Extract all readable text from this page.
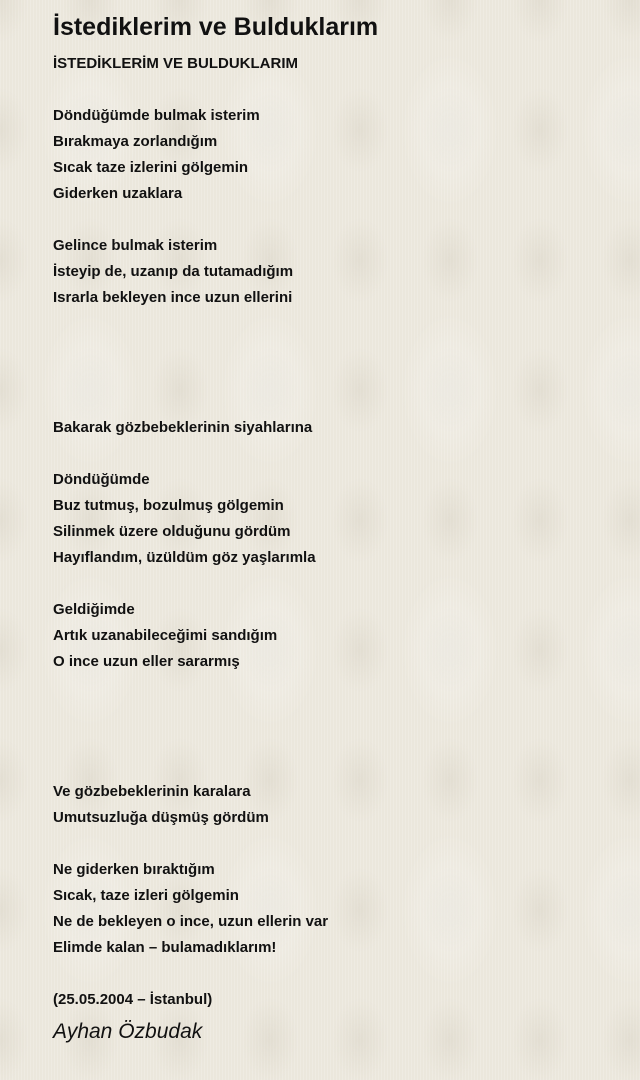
İstediklerim ve Bulduklarım
İSTEDİKLERİM VE BULDUKLARIM
Döndüğümde bulmak isterim
Bırakmaya zorlandığım
Sıcak taze izlerini gölgemin
Giderken uzaklara
Gelince bulmak isterim
İsteyip de, uzanıp da tutamadığım
Israrla bekleyen ince uzun ellerini
Bakarak gözbebeklerinin siyahlarına
Döndüğümde
Buz tutmuş, bozulmuş gölgemin
Silinmek üzere olduğunu gördüm
Hayıflandım, üzüldüm göz yaşlarımla
Geldiğimde
Artık uzanabileceğimi sandığım
O ince uzun eller sararmış
Ve gözbebeklerinin karalara
Umutsuzluğa düşmüş gördüm
Ne giderken bıraktığım
Sıcak, taze izleri gölgemin
Ne de bekleyen o ince, uzun ellerin var
Elimde kalan – bulamadıklarım!
(25.05.2004 – İstanbul)
Ayhan Özbudak
